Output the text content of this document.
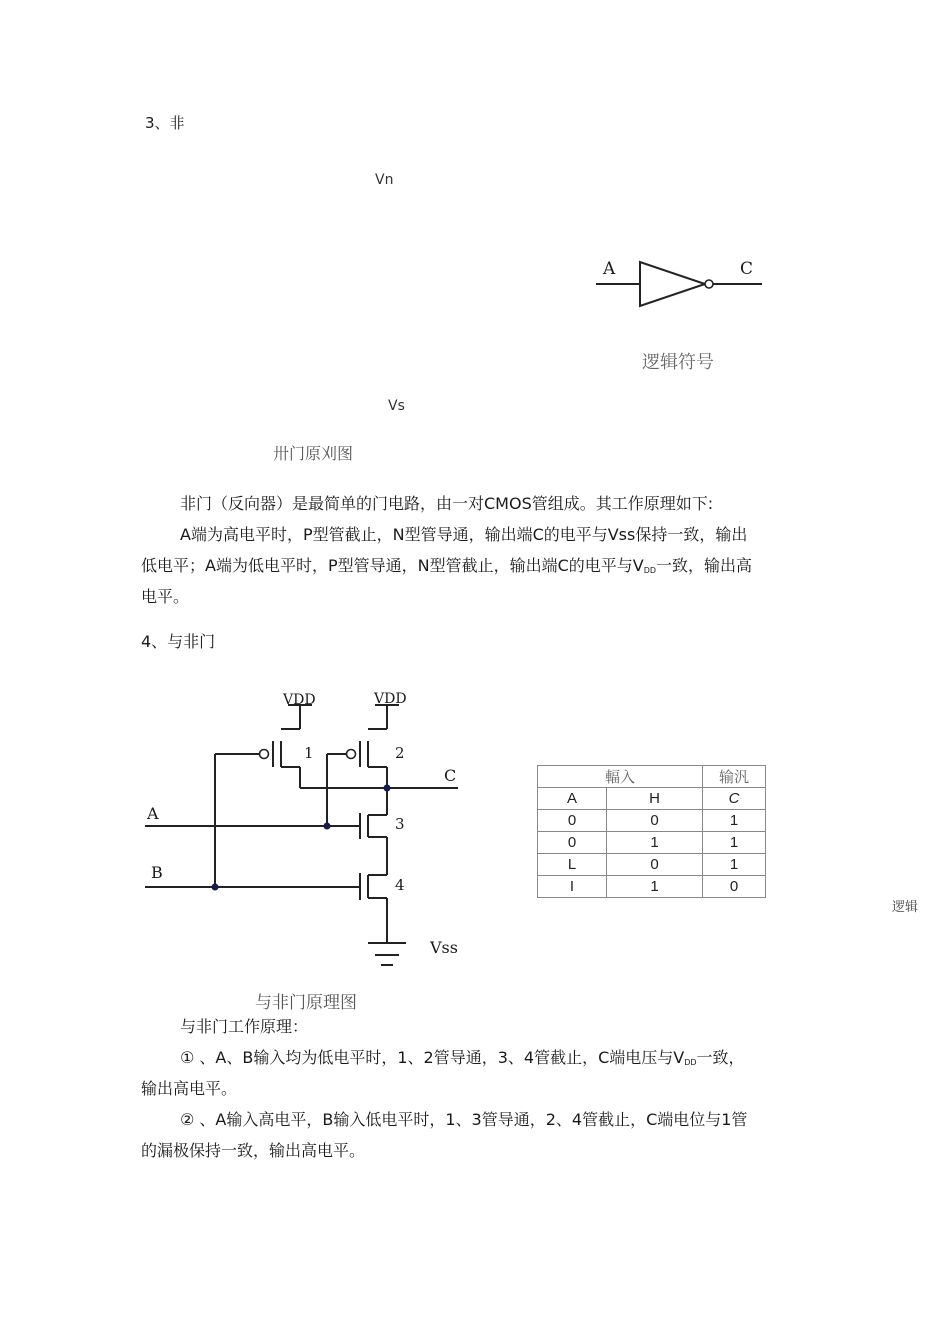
3、非
Vn
Vs
卅门原刈图
A	C
逻辑符号
非门（反向器）是最简单的门电路，由一对CMOS管组成。其工作原理如下:
A端为高电平时，P型管截止，N型管导通，输出端C的电平与Vss保持一致，输出
低电平；A端为低电平时，P型管导通，N型管截止，输出端C的电平与VDD一致，输出高
电平。
4、与非门
VDD	VDD
1	2
3
4
C
A
B
Vss
与非门原理图
輻入		输汎
A	H	C
0	0	1
0	1	1
L	0	1
I	1	0
逻辑
与非门工作原理：
① 、A、B输入均为低电平时，1、2管导通，3、4管截止，C端电压与VDD一致，
输出高电平。
② 、A输入高电平，B输入低电平时，1、3管导通，2、4管截止，C端电位与1管
的漏极保持一致，输出高电平。
